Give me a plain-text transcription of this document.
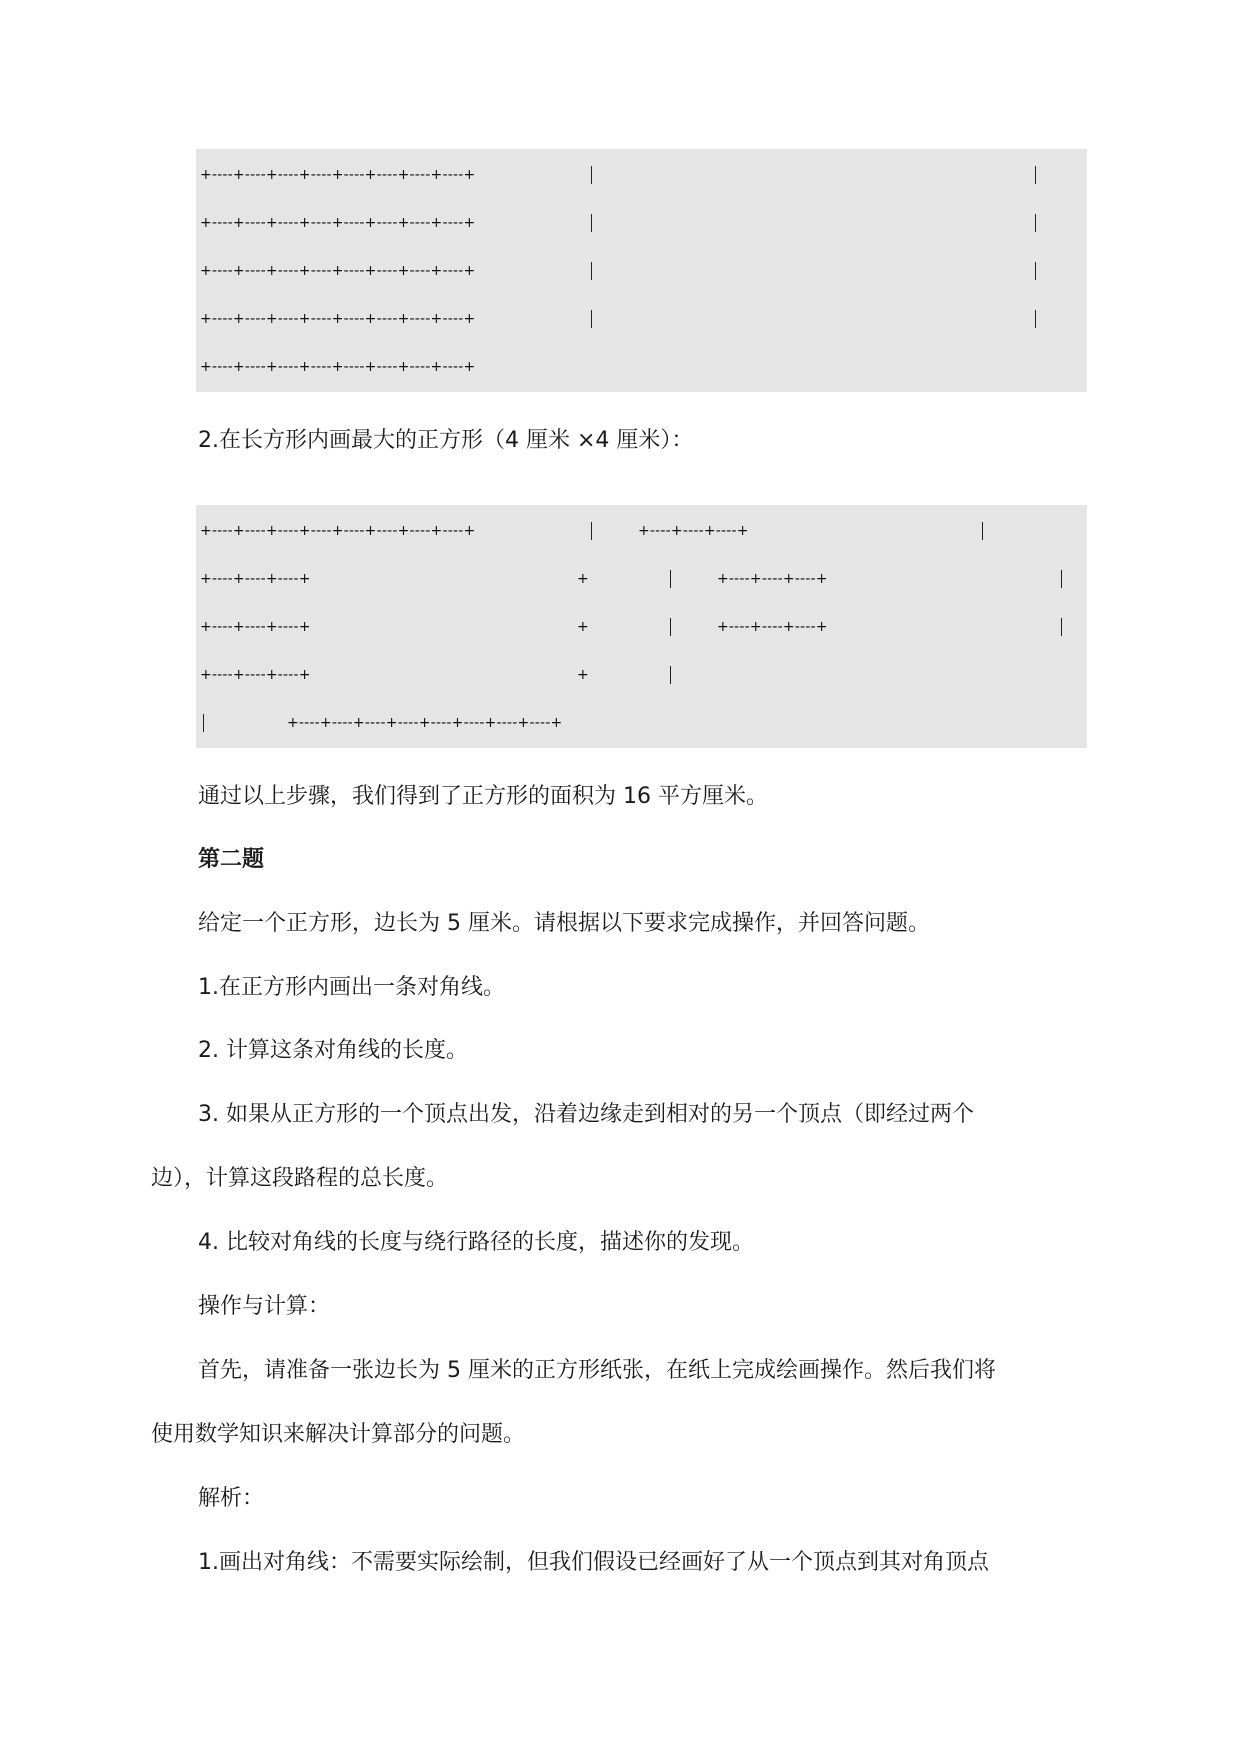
+----+----+----+----+----+----+----+----+
+----+----+----+----+----+----+----+----+
+----+----+----+----+----+----+----+----+
+----+----+----+----+----+----+----+----+
+----+----+----+----+----+----+----+----+
2.在长方形内画最大的正方形（4 厘米 ×4 厘米）：
+----+----+----+----+----+----+----+----+	+----+----+----+
+----+----+----+	+	+----+----+----+
+----+----+----+	+	+----+----+----+
+----+----+----+	+
+----+----+----+----+----+----+----+----+
通过以上步骤，我们得到了正方形的面积为 16 平方厘米。
第二题
给定一个正方形，边长为 5 厘米。请根据以下要求完成操作，并回答问题。
1.在正方形内画出一条对角线。
2. 计算这条对角线的长度。
3. 如果从正方形的一个顶点出发，沿着边缘走到相对的另一个顶点（即经过两个
边），计算这段路程的总长度。
4. 比较对角线的长度与绕行路径的长度，描述你的发现。
操作与计算：
首先，请准备一张边长为 5 厘米的正方形纸张，在纸上完成绘画操作。然后我们将
使用数学知识来解决计算部分的问题。
解析：
1.画出对角线：不需要实际绘制，但我们假设已经画好了从一个顶点到其对角顶点
